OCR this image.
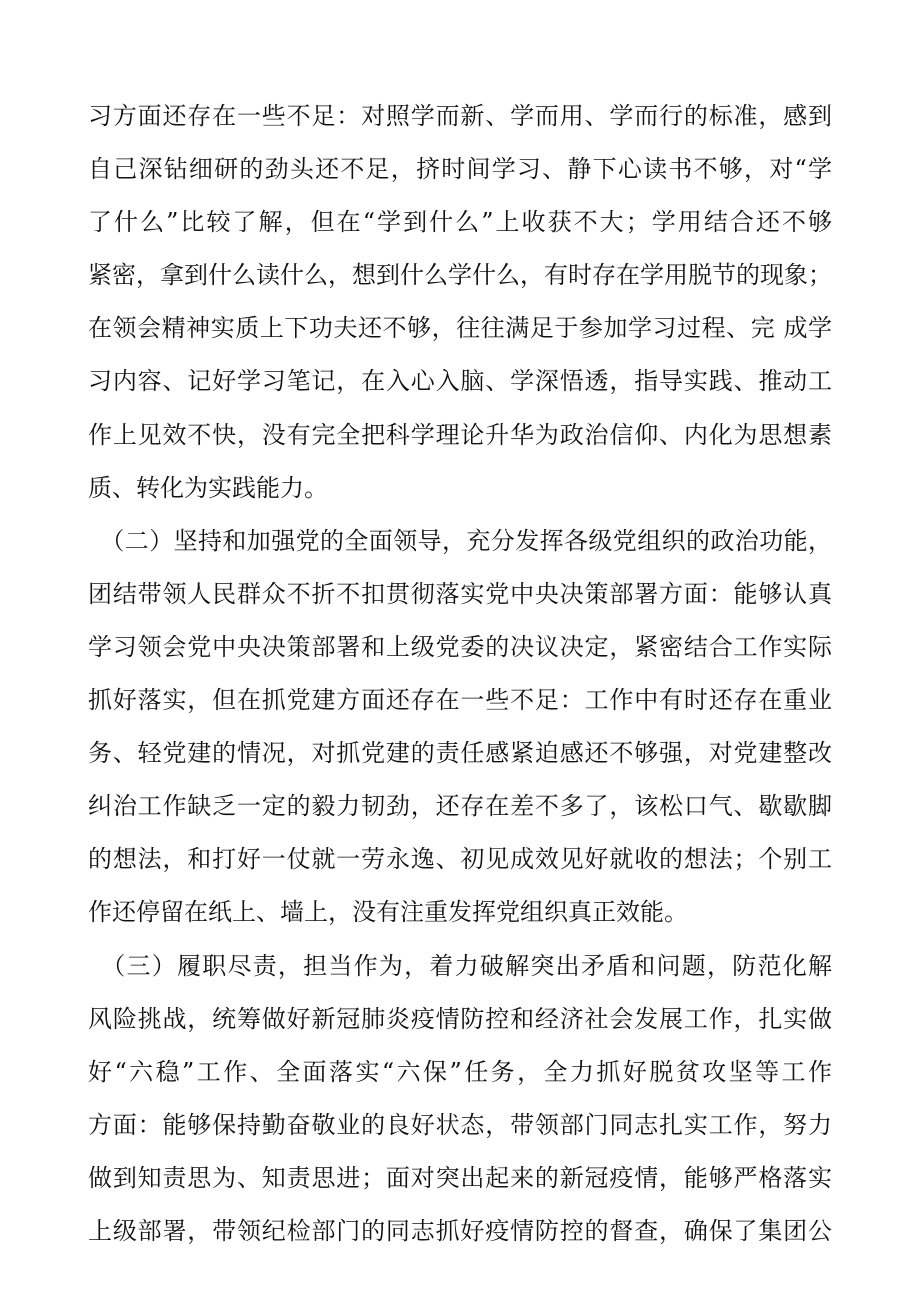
习方面还存在一些不足：对照学而新、学而用、学而行的标准，感到
自己深钻细研的劲头还不足，挤时间学习、静下心读书不够，对“学
了什么”比较了解，但在“学到什么”上收获不大；学用结合还不够
紧密，拿到什么读什么，想到什么学什么，有时存在学用脱节的现象；
在领会精神实质上下功夫还不够，往往满足于参加学习过程、完 成学
习内容、记好学习笔记，在入心入脑、学深悟透，指导实践、推动工
作上见效不快，没有完全把科学理论升华为政治信仰、内化为思想素
质、转化为实践能力。
　（二）坚持和加强党的全面领导，充分发挥各级党组织的政治功能，
团结带领人民群众不折不扣贯彻落实党中央决策部署方面：能够认真
学习领会党中央决策部署和上级党委的决议决定，紧密结合工作实际
抓好落实，但在抓党建方面还存在一些不足：工作中有时还存在重业
务、轻党建的情况，对抓党建的责任感紧迫感还不够强，对党建整改
纠治工作缺乏一定的毅力韧劲，还存在差不多了，该松口气、歇歇脚
的想法，和打好一仗就一劳永逸、初见成效见好就收的想法；个别工
作还停留在纸上、墙上，没有注重发挥党组织真正效能。
　（三）履职尽责，担当作为，着力破解突出矛盾和问题，防范化解
风险挑战，统筹做好新冠肺炎疫情防控和经济社会发展工作，扎实做
好“六稳”工作、全面落实“六保”任务，全力抓好脱贫攻坚等工作
方面：能够保持勤奋敬业的良好状态，带领部门同志扎实工作，努力
做到知责思为、知责思进；面对突出起来的新冠疫情，能够严格落实
上级部署，带领纪检部门的同志抓好疫情防控的督查，确保了集团公
